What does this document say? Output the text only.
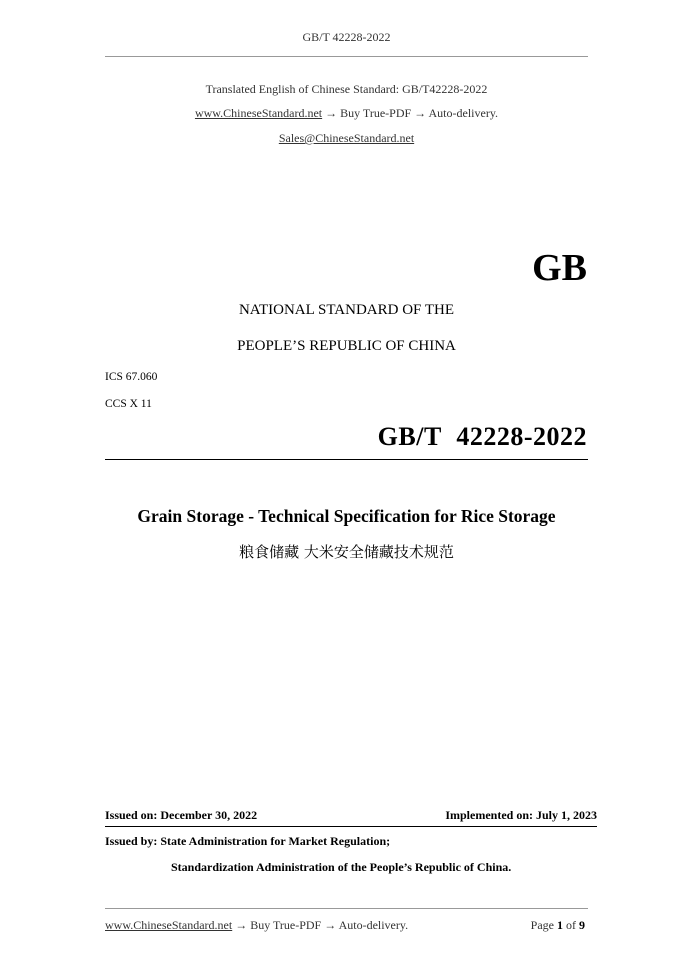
GB/T 42228-2022
Translated English of Chinese Standard: GB/T42228-2022
www.ChineseStandard.net → Buy True-PDF → Auto-delivery.
Sales@ChineseStandard.net
GB
NATIONAL STANDARD OF THE
PEOPLE’S REPUBLIC OF CHINA
ICS 67.060
CCS X 11
GB/T 42228-2022
Grain Storage - Technical Specification for Rice Storage
粮食储藏 大米安全储藏技术规范
Issued on: December 30, 2022	Implemented on: July 1, 2023
Issued by: State Administration for Market Regulation;
Standardization Administration of the People’s Republic of China.
www.ChineseStandard.net → Buy True-PDF → Auto-delivery.	Page 1 of 9
